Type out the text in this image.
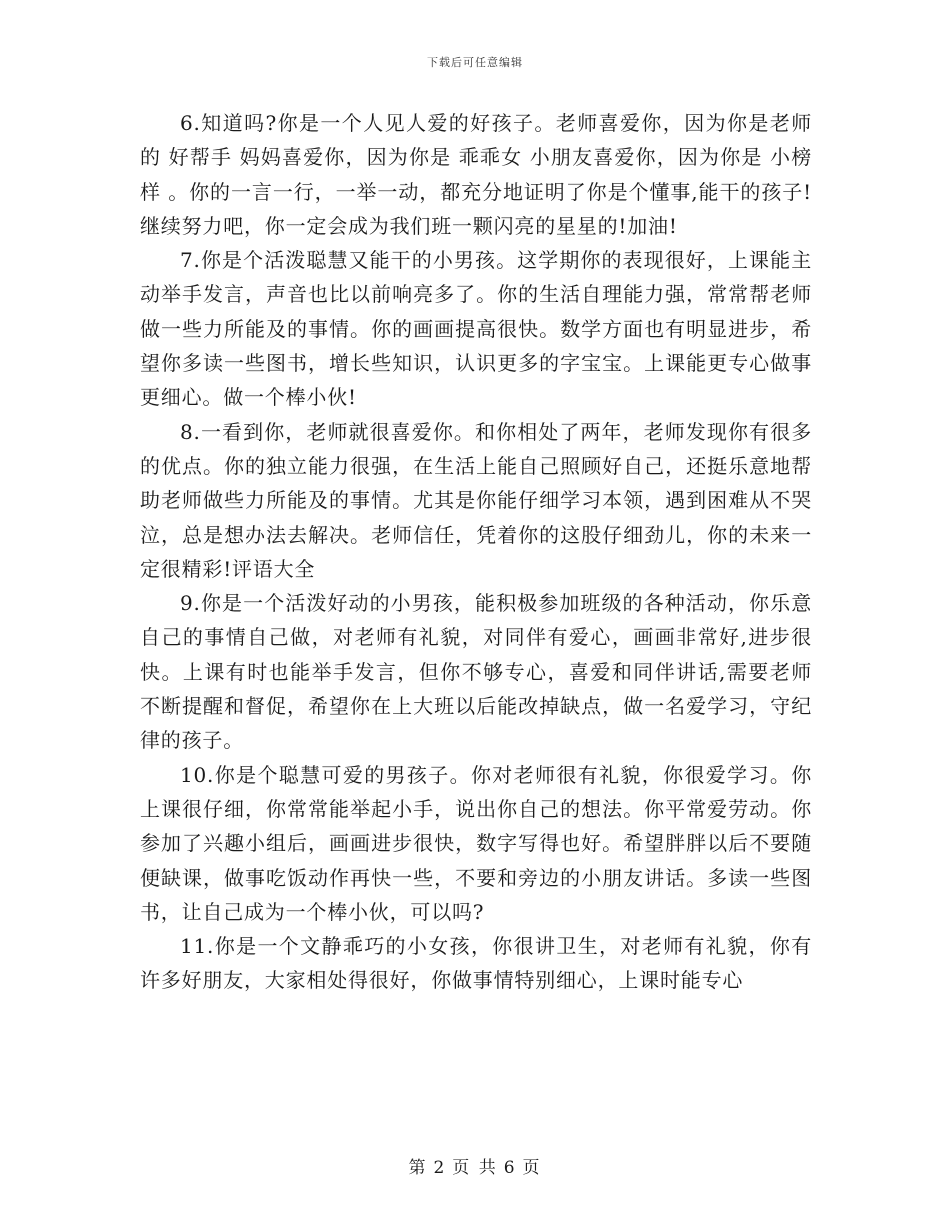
下载后可任意编辑

6.知道吗?你是一个人见人爱的好孩子。老师喜爱你，因为你是老师的 好帮手 妈妈喜爱你，因为你是 乖乖女 小朋友喜爱你，因为你是 小榜样 。你的一言一行，一举一动，都充分地证明了你是个懂事,能干的孩子!继续努力吧，你一定会成为我们班一颗闪亮的星星的!加油!

7.你是个活泼聪慧又能干的小男孩。这学期你的表现很好，上课能主动举手发言，声音也比以前响亮多了。你的生活自理能力强，常常帮老师做一些力所能及的事情。你的画画提高很快。数学方面也有明显进步，希望你多读一些图书，增长些知识，认识更多的字宝宝。上课能更专心做事更细心。做一个棒小伙!

8.一看到你，老师就很喜爱你。和你相处了两年，老师发现你有很多的优点。你的独立能力很强，在生活上能自己照顾好自己，还挺乐意地帮助老师做些力所能及的事情。尤其是你能仔细学习本领，遇到困难从不哭泣，总是想办法去解决。老师信任，凭着你的这股仔细劲儿，你的未来一定很精彩!评语大全

9.你是一个活泼好动的小男孩，能积极参加班级的各种活动，你乐意自己的事情自己做，对老师有礼貌，对同伴有爱心，画画非常好,进步很快。上课有时也能举手发言，但你不够专心，喜爱和同伴讲话,需要老师不断提醒和督促，希望你在上大班以后能改掉缺点，做一名爱学习，守纪律的孩子。

10.你是个聪慧可爱的男孩子。你对老师很有礼貌，你很爱学习。你上课很仔细，你常常能举起小手，说出你自己的想法。你平常爱劳动。你参加了兴趣小组后，画画进步很快，数字写得也好。希望胖胖以后不要随便缺课，做事吃饭动作再快一些，不要和旁边的小朋友讲话。多读一些图书，让自己成为一个棒小伙，可以吗?

11.你是一个文静乖巧的小女孩，你很讲卫生，对老师有礼貌，你有许多好朋友，大家相处得很好，你做事情特别细心，上课时能专心

第 2 页 共 6 页
